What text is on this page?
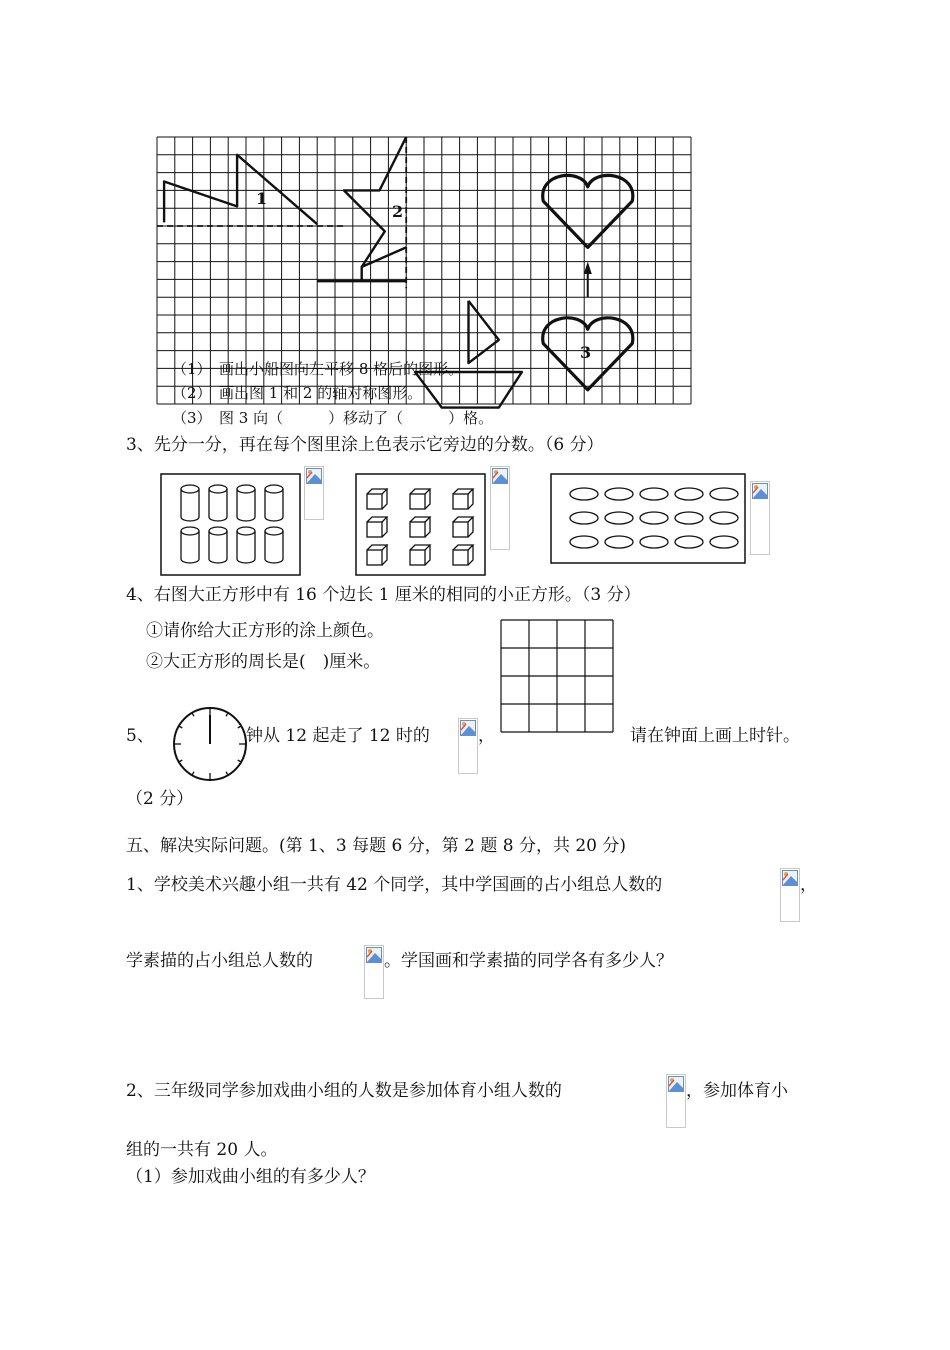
1
2
3
（1）　画出小船图向左平移 8 格后的图形。
（2）　画出图 1 和 2 的轴对称图形。
（3）　图 3 向（　　　）移动了（　　　）格。
3、先分一分，再在每个图里涂上色表示它旁边的分数。（6 分）
4、右图大正方形中有 16 个边长 1 厘米的相同的小正方形。（3 分）
①请你给大正方形的涂上颜色。
②大正方形的周长是(　)厘米。
5、	钟从 12 起走了 12 时的	，	请在钟面上画上时针。
（2 分）
五、解决实际问题。(第 1、3 每题 6 分，第 2 题 8 分，共 20 分)
1、学校美术兴趣小组一共有 42 个同学，其中学国画的占小组总人数的	，
学素描的占小组总人数的	。学国画和学素描的同学各有多少人？
2、三年级同学参加戏曲小组的人数是参加体育小组人数的	，参加体育小
组的一共有 20 人。
（1）参加戏曲小组的有多少人？
